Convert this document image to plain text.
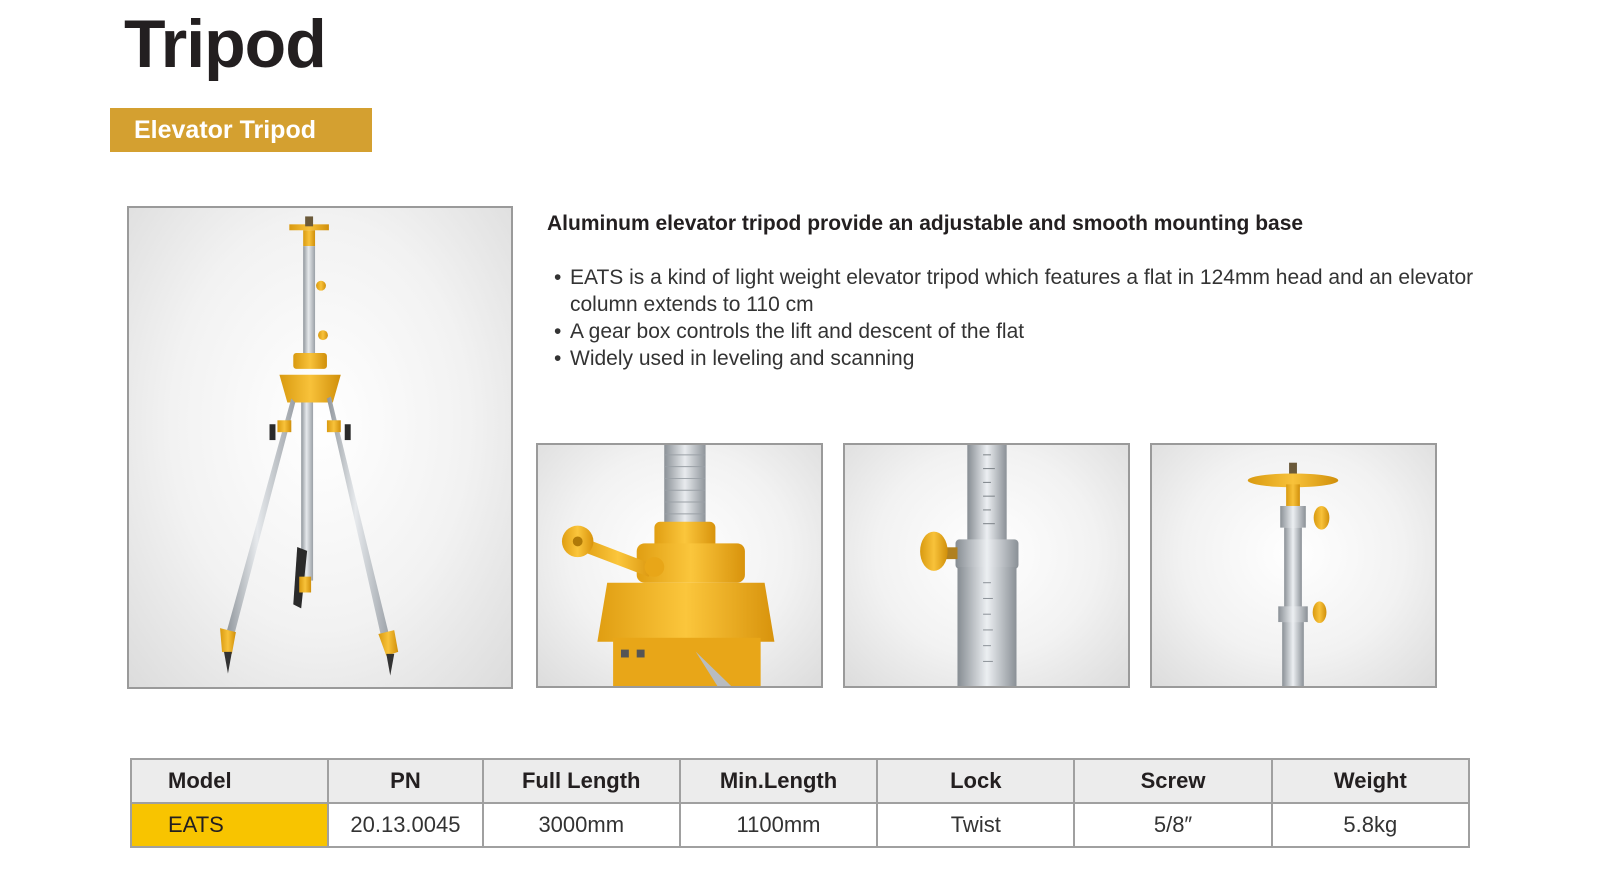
Tripod
Elevator Tripod

Aluminum elevator tripod provide an adjustable and smooth mounting base

• EATS is a kind of light weight elevator tripod which features a flat in 124mm head and an elevator column extends to 110 cm
• A gear box controls the lift and descent of the flat
• Widely used in leveling and scanning
Model	PN	Full Length	Min.Length	Lock	Screw	Weight
EATS	20.13.0045	3000mm	1100mm	Twist	5/8″	5.8kg
